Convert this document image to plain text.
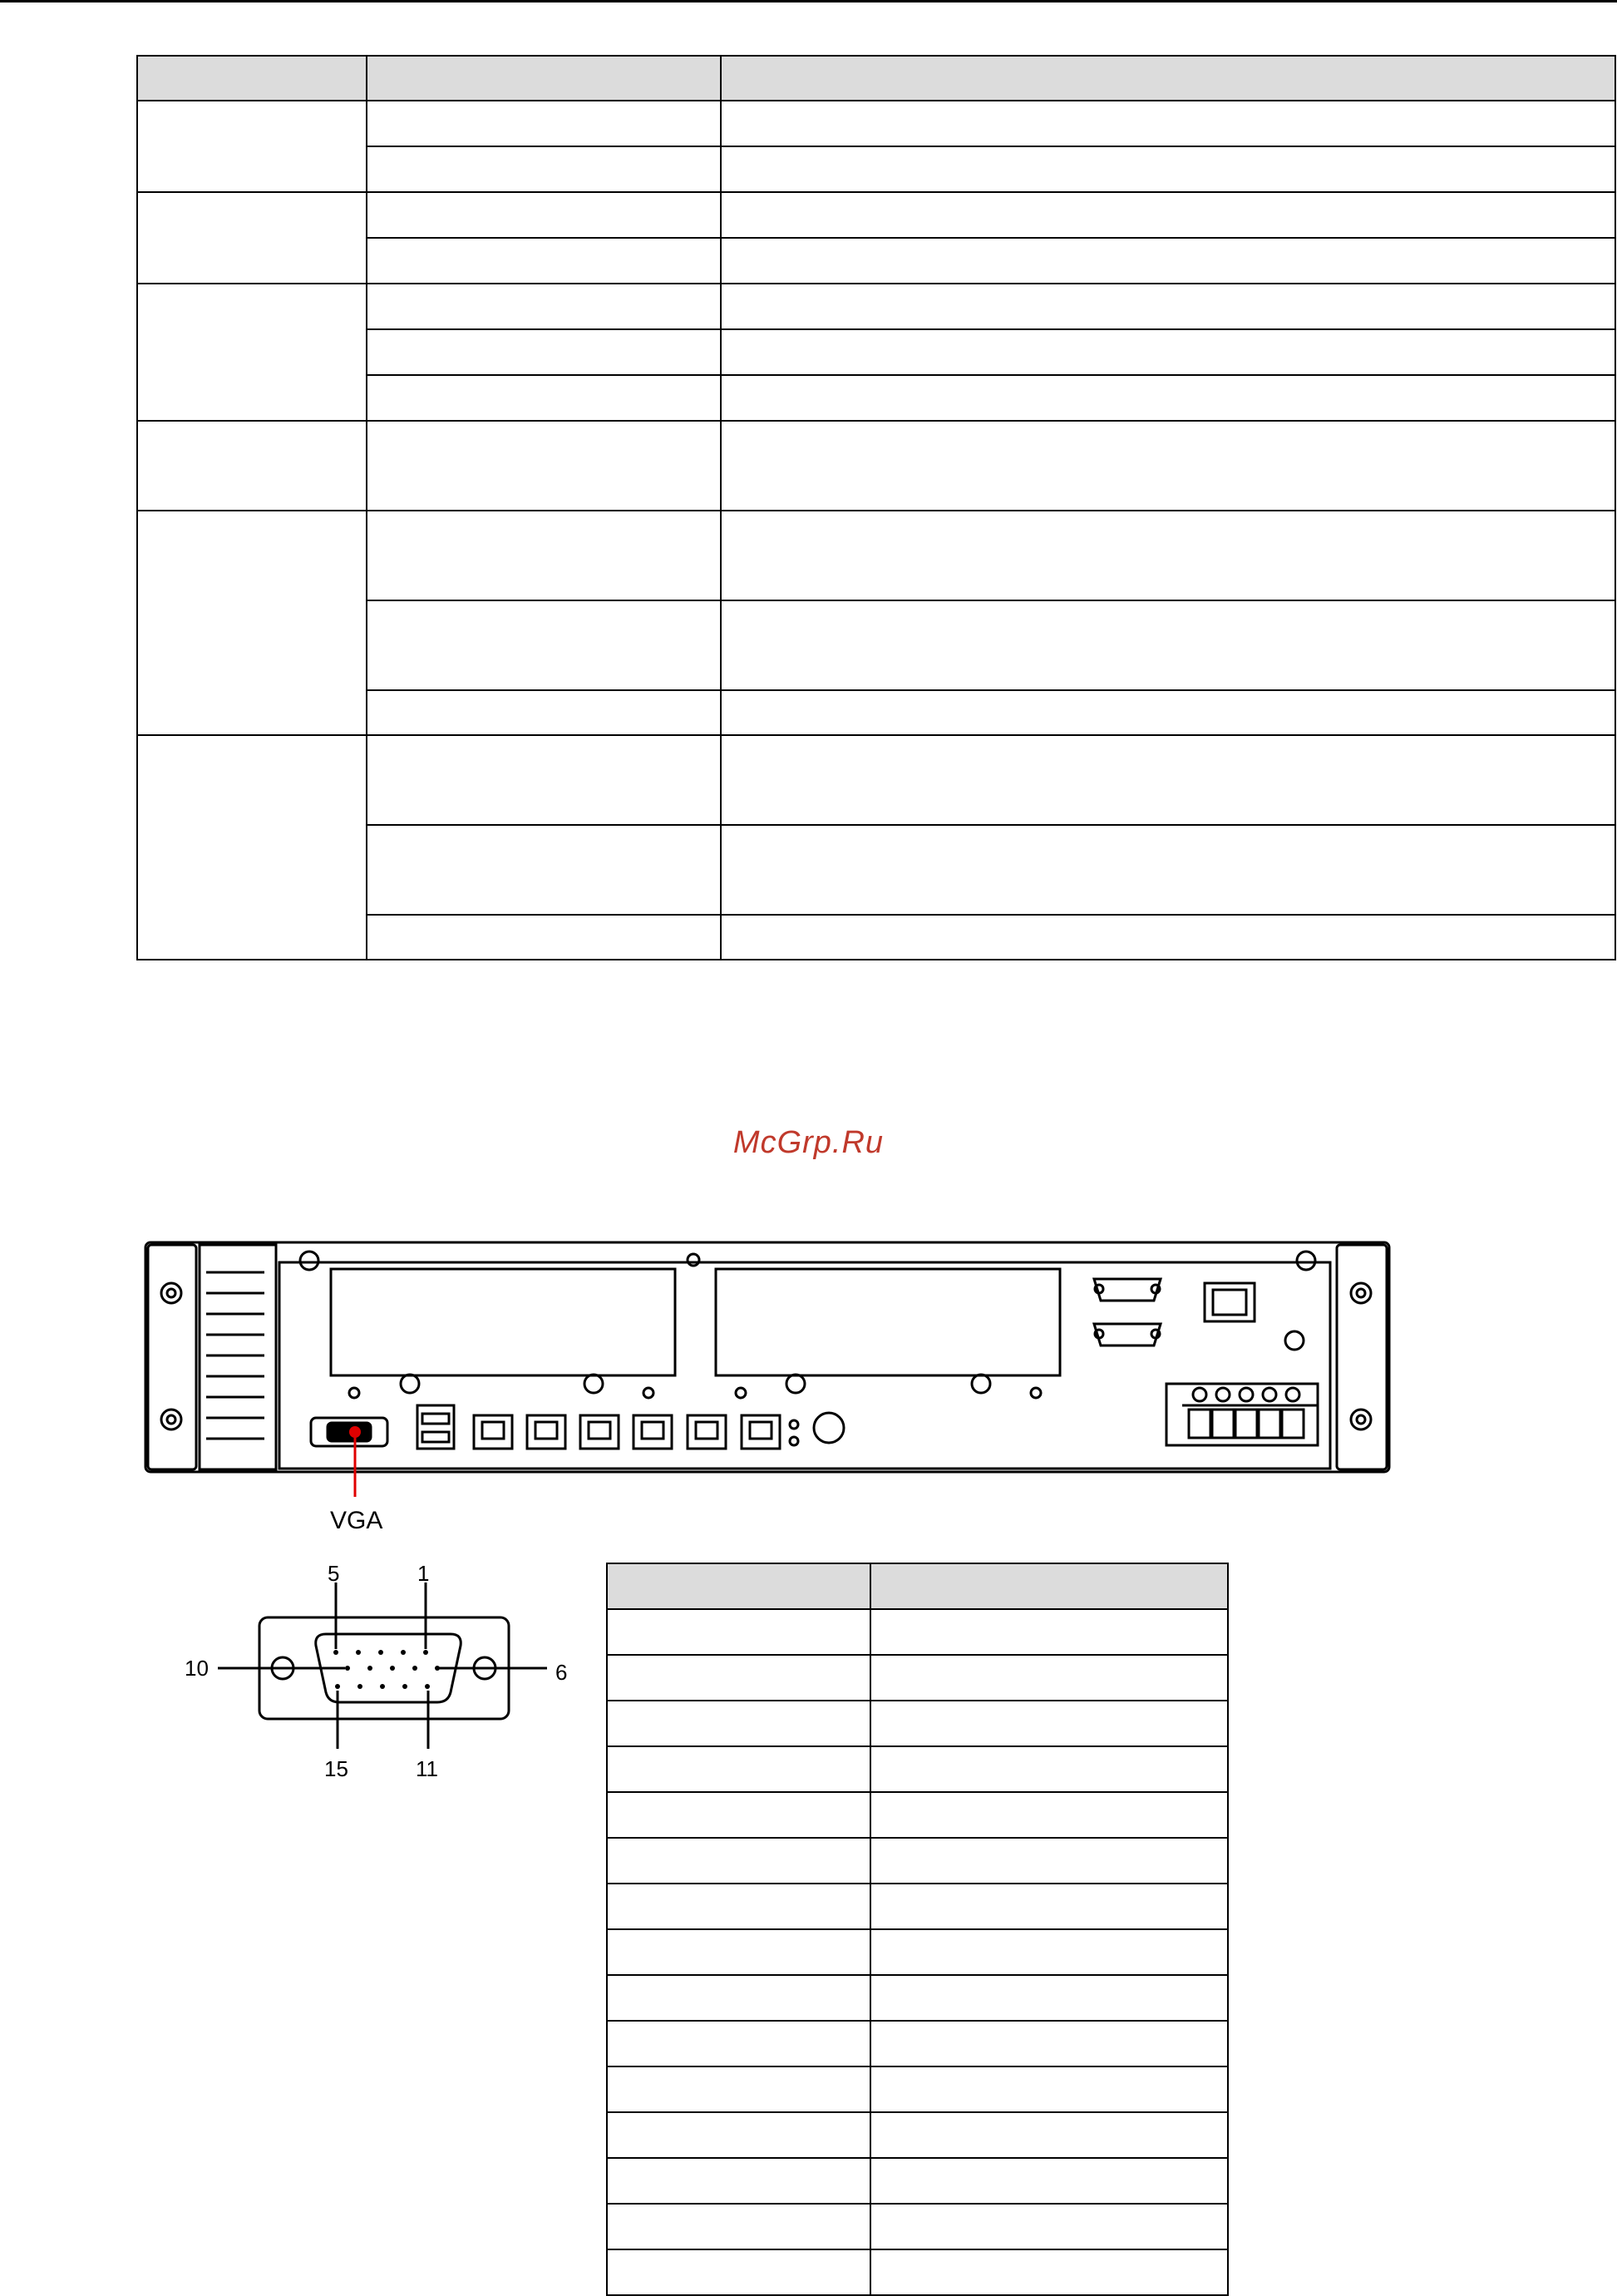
McGrp.Ru
VGA
5	1
10	6
15	11
